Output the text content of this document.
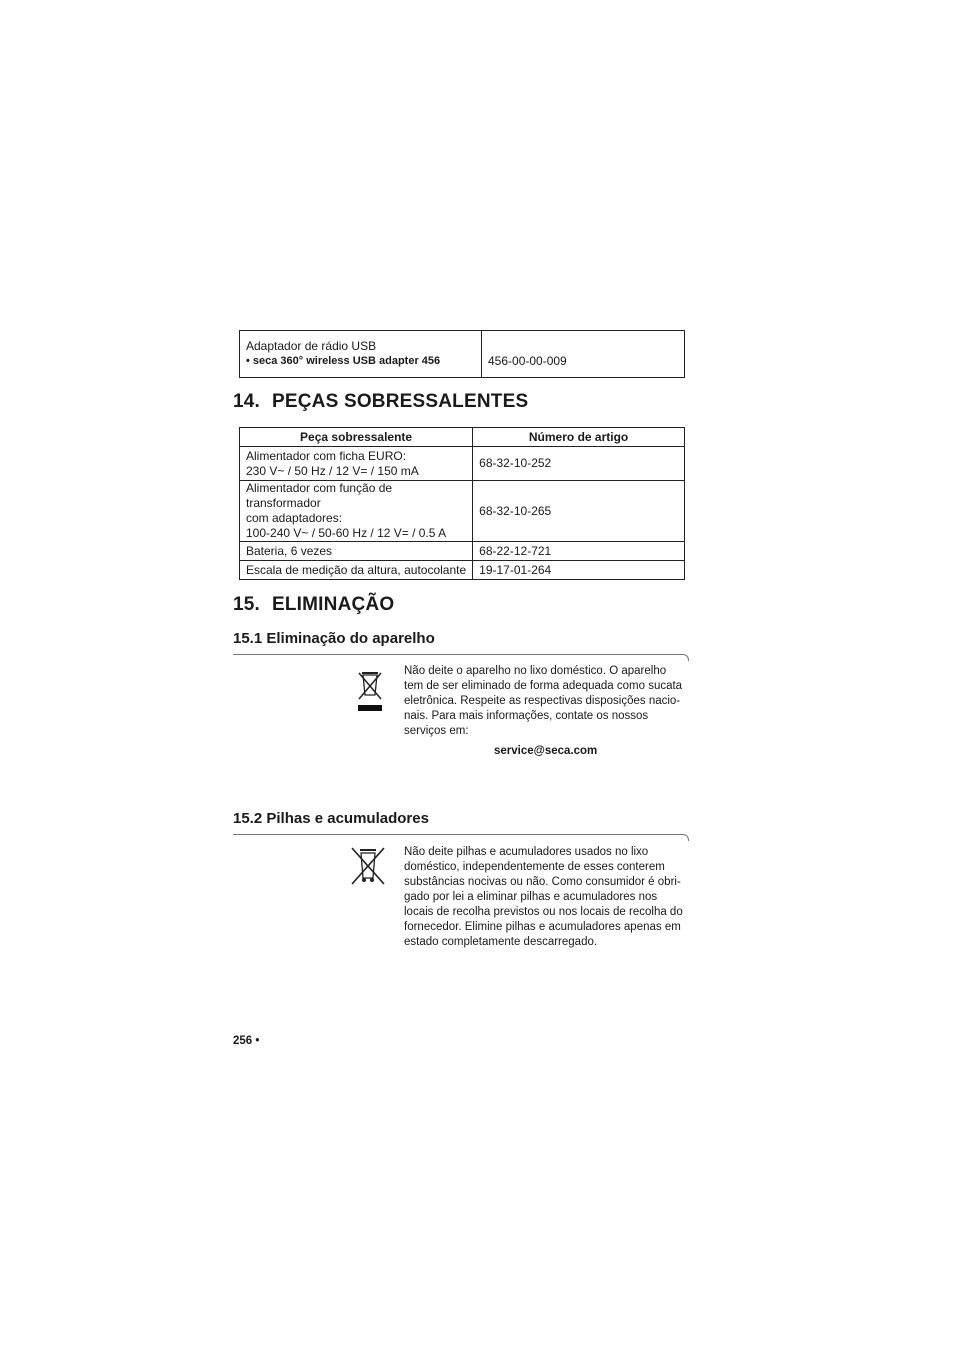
Adaptador de rádio USB
• seca 360° wireless USB adapter 456	456-00-00-009
14. PEÇAS SOBRESSALENTES
Peça sobressalente	Número de artigo

Alimentador com ficha EURO:
230 V~ / 50 Hz / 12 V= / 150 mA	68-32-10-252

Alimentador com função de transformador
com adaptadores:
100-240 V~ / 50-60 Hz / 12 V= / 0.5 A	68-32-10-265
Bateria, 6 vezes	68-22-12-721
Escala de medição da altura, autocolante	19-17-01-264
15. ELIMINAÇÃO
15.1 Eliminação do aparelho
Não deite o aparelho no lixo doméstico. O aparelho
tem de ser eliminado de forma adequada como sucata
eletrônica. Respeite as respectivas disposições nacio-
nais. Para mais informações, contate os nossos
serviços em:
service@seca.com
15.2 Pilhas e acumuladores
Não deite pilhas e acumuladores usados no lixo
doméstico, independentemente de esses conterem
substâncias nocivas ou não. Como consumidor é obri-
gado por lei a eliminar pilhas e acumuladores nos
locais de recolha previstos ou nos locais de recolha do
fornecedor. Elimine pilhas e acumuladores apenas em
estado completamente descarregado.
256 •
